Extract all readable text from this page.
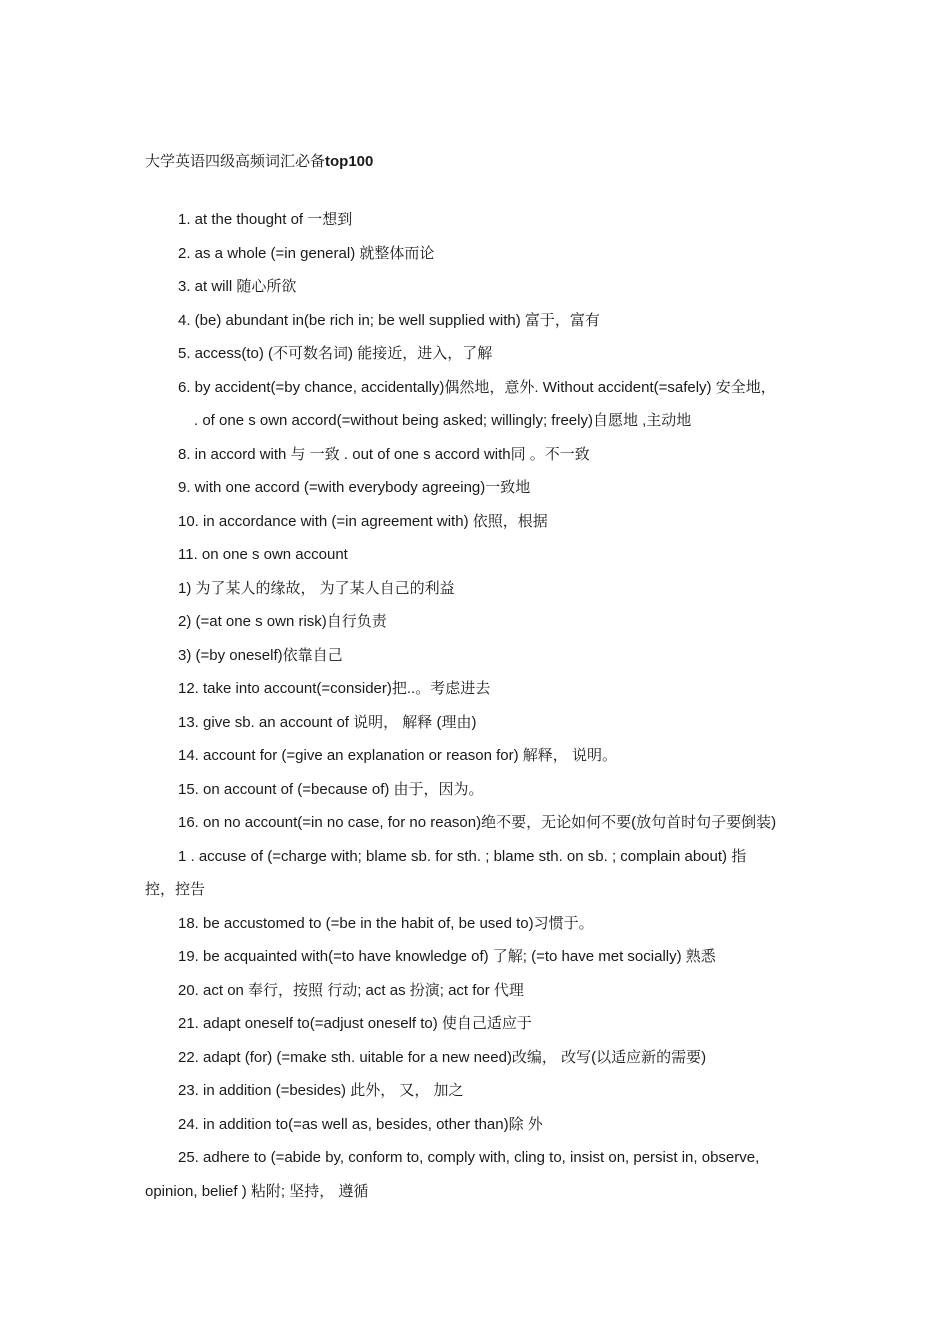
大学英语四级高频词汇必备top100
1. at the thought of 一想到
2. as a whole (=in general) 就整体而论
3. at will 随心所欲
4. (be) abundant in(be rich in; be well supplied with) 富于，富有
5. access(to) (不可数名词) 能接近，进入，了解
6. by accident(=by chance, accidentally)偶然地，意外. Without accident(=safely) 安全地，
. of one s own accord(=without being asked; willingly; freely)自愿地 ,主动地
8. in accord with 与 一致 . out of one s accord with同 。不一致
9. with one accord (=with everybody agreeing)一致地
10. in accordance with (=in agreement with) 依照，根据
11. on one s own account
1) 为了某人的缘故， 为了某人自己的利益
2) (=at one s own risk)自行负责
3) (=by oneself)依靠自己
12. take into account(=consider)把..。考虑进去
13. give sb. an account of 说明， 解释 (理由)
14. account for (=give an explanation or reason for) 解释， 说明。
15. on account of (=because of) 由于，因为。
16. on no account(=in no case, for no reason)绝不要，无论如何不要(放句首时句子要倒装)
1 . accuse of (=charge with; blame sb. for sth. ; blame sth. on sb. ; complain about) 指
控，控告
18. be accustomed to (=be in the habit of, be used to)习惯于。
19. be acquainted with(=to have knowledge of) 了解; (=to have met socially) 熟悉
20. act on 奉行，按照 行动; act as 扮演; act for 代理
21. adapt oneself to(=adjust oneself to) 使自己适应于
22. adapt (for) (=make sth. uitable for a new need)改编， 改写(以适应新的需要)
23. in addition (=besides) 此外， 又， 加之
24. in addition to(=as well as, besides, other than)除 外
25. adhere to (=abide by, conform to, comply with, cling to, insist on, persist in, observe,
opinion, belief ) 粘附; 坚持， 遵循
